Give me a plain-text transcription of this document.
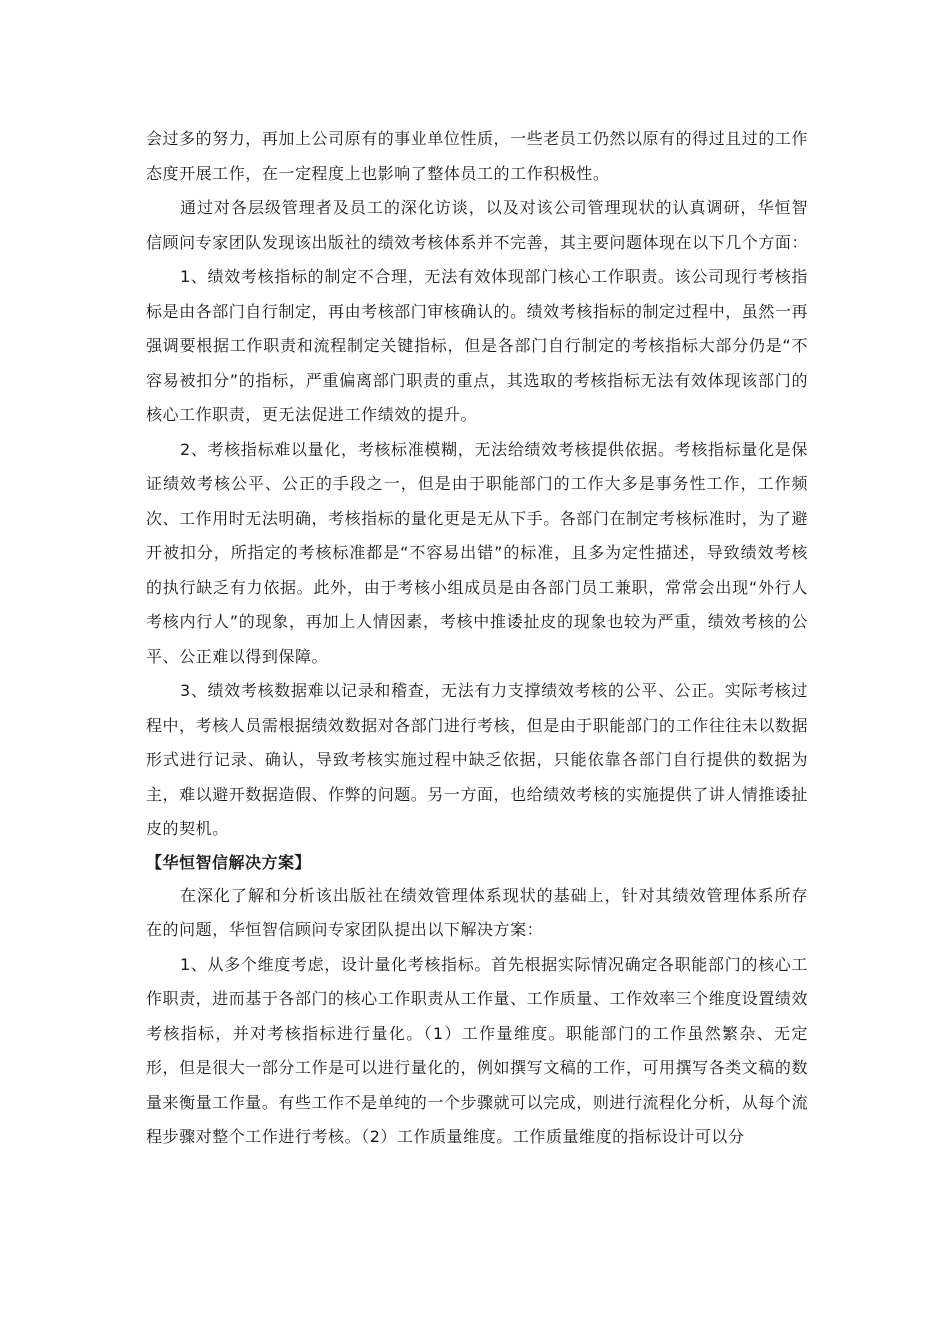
会过多的努力，再加上公司原有的事业单位性质，一些老员工仍然以原有的得过且过的工作态度开展工作，在一定程度上也影响了整体员工的工作积极性。

通过对各层级管理者及员工的深化访谈，以及对该公司管理现状的认真调研，华恒智信顾问专家团队发现该出版社的绩效考核体系并不完善，其主要问题体现在以下几个方面：

1、绩效考核指标的制定不合理，无法有效体现部门核心工作职责。该公司现行考核指标是由各部门自行制定，再由考核部门审核确认的。绩效考核指标的制定过程中，虽然一再强调要根据工作职责和流程制定关键指标，但是各部门自行制定的考核指标大部分仍是“不容易被扣分”的指标，严重偏离部门职责的重点，其选取的考核指标无法有效体现该部门的核心工作职责，更无法促进工作绩效的提升。

2、考核指标难以量化，考核标准模糊，无法给绩效考核提供依据。考核指标量化是保证绩效考核公平、公正的手段之一，但是由于职能部门的工作大多是事务性工作，工作频次、工作用时无法明确，考核指标的量化更是无从下手。各部门在制定考核标准时，为了避开被扣分，所指定的考核标准都是“不容易出错”的标准，且多为定性描述，导致绩效考核的执行缺乏有力依据。此外，由于考核小组成员是由各部门员工兼职，常常会出现“外行人考核内行人”的现象，再加上人情因素，考核中推诿扯皮的现象也较为严重，绩效考核的公平、公正难以得到保障。

3、绩效考核数据难以记录和稽查，无法有力支撑绩效考核的公平、公正。实际考核过程中，考核人员需根据绩效数据对各部门进行考核，但是由于职能部门的工作往往未以数据形式进行记录、确认，导致考核实施过程中缺乏依据，只能依靠各部门自行提供的数据为主，难以避开数据造假、作弊的问题。另一方面，也给绩效考核的实施提供了讲人情推诿扯皮的契机。

【华恒智信解决方案】

在深化了解和分析该出版社在绩效管理体系现状的基础上，针对其绩效管理体系所存在的问题，华恒智信顾问专家团队提出以下解决方案：

1、从多个维度考虑，设计量化考核指标。首先根据实际情况确定各职能部门的核心工作职责，进而基于各部门的核心工作职责从工作量、工作质量、工作效率三个维度设置绩效考核指标，并对考核指标进行量化。（1）工作量维度。职能部门的工作虽然繁杂、无定形，但是很大一部分工作是可以进行量化的，例如撰写文稿的工作，可用撰写各类文稿的数量来衡量工作量。有些工作不是单纯的一个步骤就可以完成，则进行流程化分析，从每个流程步骤对整个工作进行考核。（2）工作质量维度。工作质量维度的指标设计可以分
